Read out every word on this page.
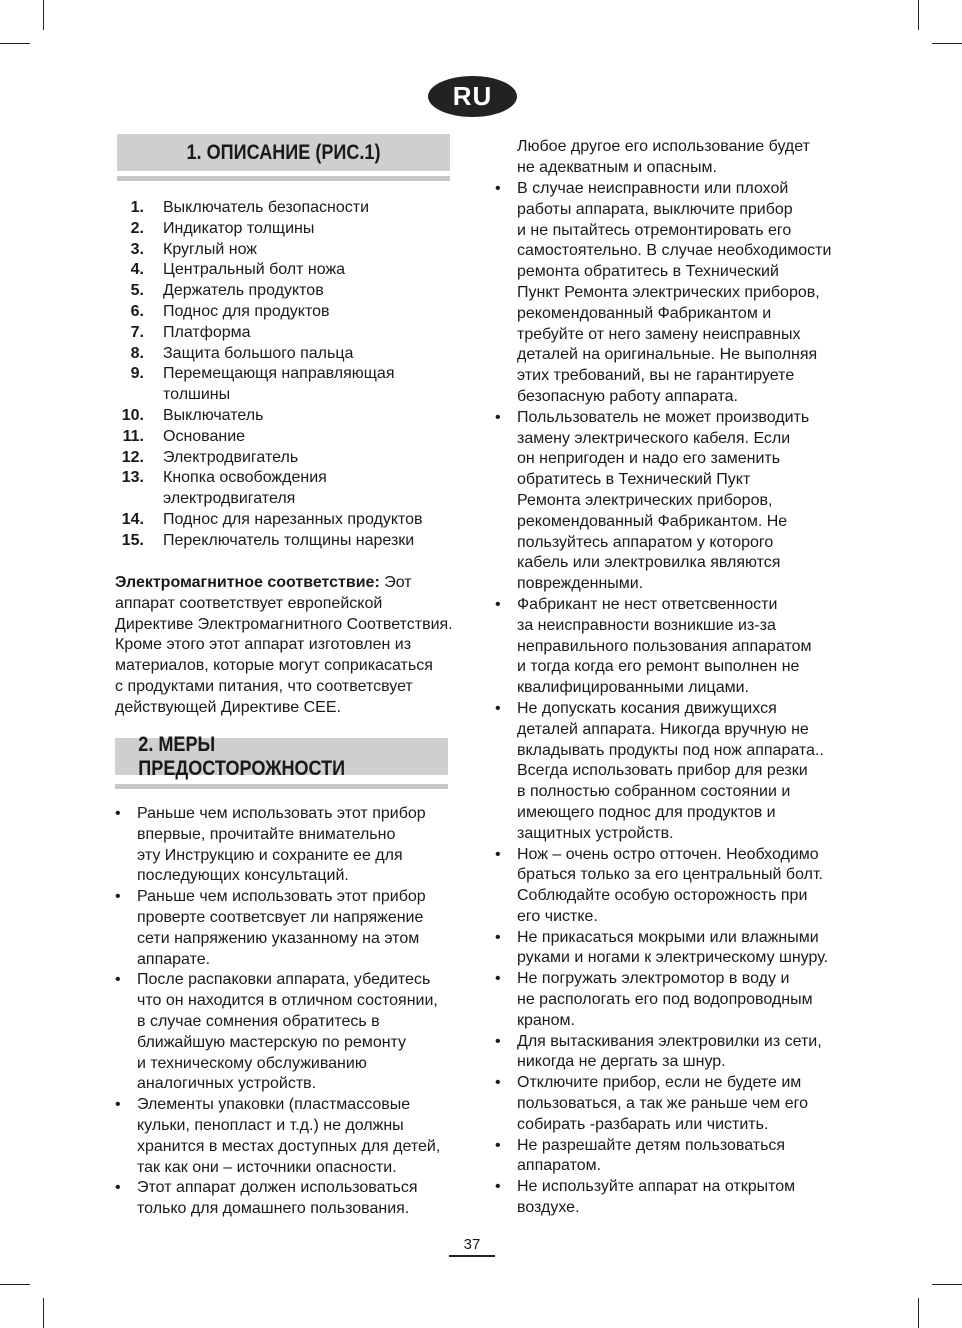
RU
1. ОПИСАНИЕ (РИС.1)
1.	Выключатель безопасности
2.	Индикатор толщины
3.	Круглый нож
4.	Центральный болт ножа
5.	Держатель продуктов
6.	Поднос для продуктов
7.	Платформа
8.	Защита большого пальца
9.	Перемещающя направляющая толшины
10.	Выключатель
11.	Основание
12.	Электродвигатель
13.	Кнопка освобождения электродвигателя
14.	Поднос для нарезанных продуктов
15.	Переключатель толщины нарезки

Электромагнитное соответствие: Эот
аппарат соответствует европейской
Директиве Электромагнитного Соответствия.
Кроме этого этот аппарат изготовлен из
материалов, которые могут соприкасаться
с продуктами питания, что соответсвует
действующей Директиве CEE.

2. МЕРЫ ПРЕДОСТОРОЖНОСТИ
•	Раньше чем использовать этот прибор
впервые, прочитайте внимательно
эту Инструкцию и сохраните ее для
последующих консультаций.
•	Раньше чем использовать этот прибор
проверте соответсвует ли напряжение
сети напряжению указанному на этом
аппарате.
•	После распаковки аппарата, убедитесь
что он находится в отличном состоянии,
в случае сомнения обратитесь в
ближайшую мастерскую по ремонту
и техническому обслуживанию
аналогичных устройств.
•	Элементы упаковки (пластмассовые
кульки, пенопласт и т.д.) не должны
хранится в местах доступных для детей,
так как они – источники опасности.
•	Этот аппарат должен использоваться
только для домашнего пользования.
Любое другое его использование будет
не адекватным и опасным.
•	В случае неисправности или плохой
работы аппарата, выключите прибор
и не пытайтесь отремонтировать его
самостоятельно. В случае необходимости
ремонта обратитесь в Технический
Пункт Ремонта электрических приборов,
рекомендованный Фабрикантом и
требуйте от него замену неисправных
деталей на оригинальные. Не выполняя
этих требований, вы не гарантируете
безопасную работу аппарата.
•	Польльзователь не может производить
замену электрического кабеля. Если
он непригоден и надо его заменить
обратитесь в Технический Пукт
Ремонта электрических приборов,
рекомендованный Фабрикантом. Не
пользуйтесь аппаратом у которого
кабель или электровилка являются
поврежденными.
•	Фабрикант не нест ответсвенности
за неисправности возникшие из-за
неправильного пользования аппаратом
и тогда когда его ремонт выполнен не
квалифицированными лицами.
•	Не допускать косания движущихся
деталей аппарата. Никогда вручную не
вкладывать продукты под нож аппарата..
Всегда использовать прибор для резки
в полностью собранном состоянии и
имеющего поднос для продуктов и
защитных устройств.
•	Нож – очень остро отточен. Необходимо
браться только за его центральный болт.
Соблюдайте особую осторожность при
его чистке.
•	Не прикасаться мокрыми или влажными
руками и ногами к электрическому шнуру.
•	Не погружать электромотор в воду и
не распологать его под водопроводным
краном.
•	Для вытаскивания электровилки из сети,
никогда не дергать за шнур.
•	Отключите прибор, если не будете им
пользоваться, а так же раньше чем его
собирать -разбарать или чистить.
•	Не разрешайте детям пользоваться
аппаратом.
•	Не используйте аппарат на открытом
воздухе.
37
